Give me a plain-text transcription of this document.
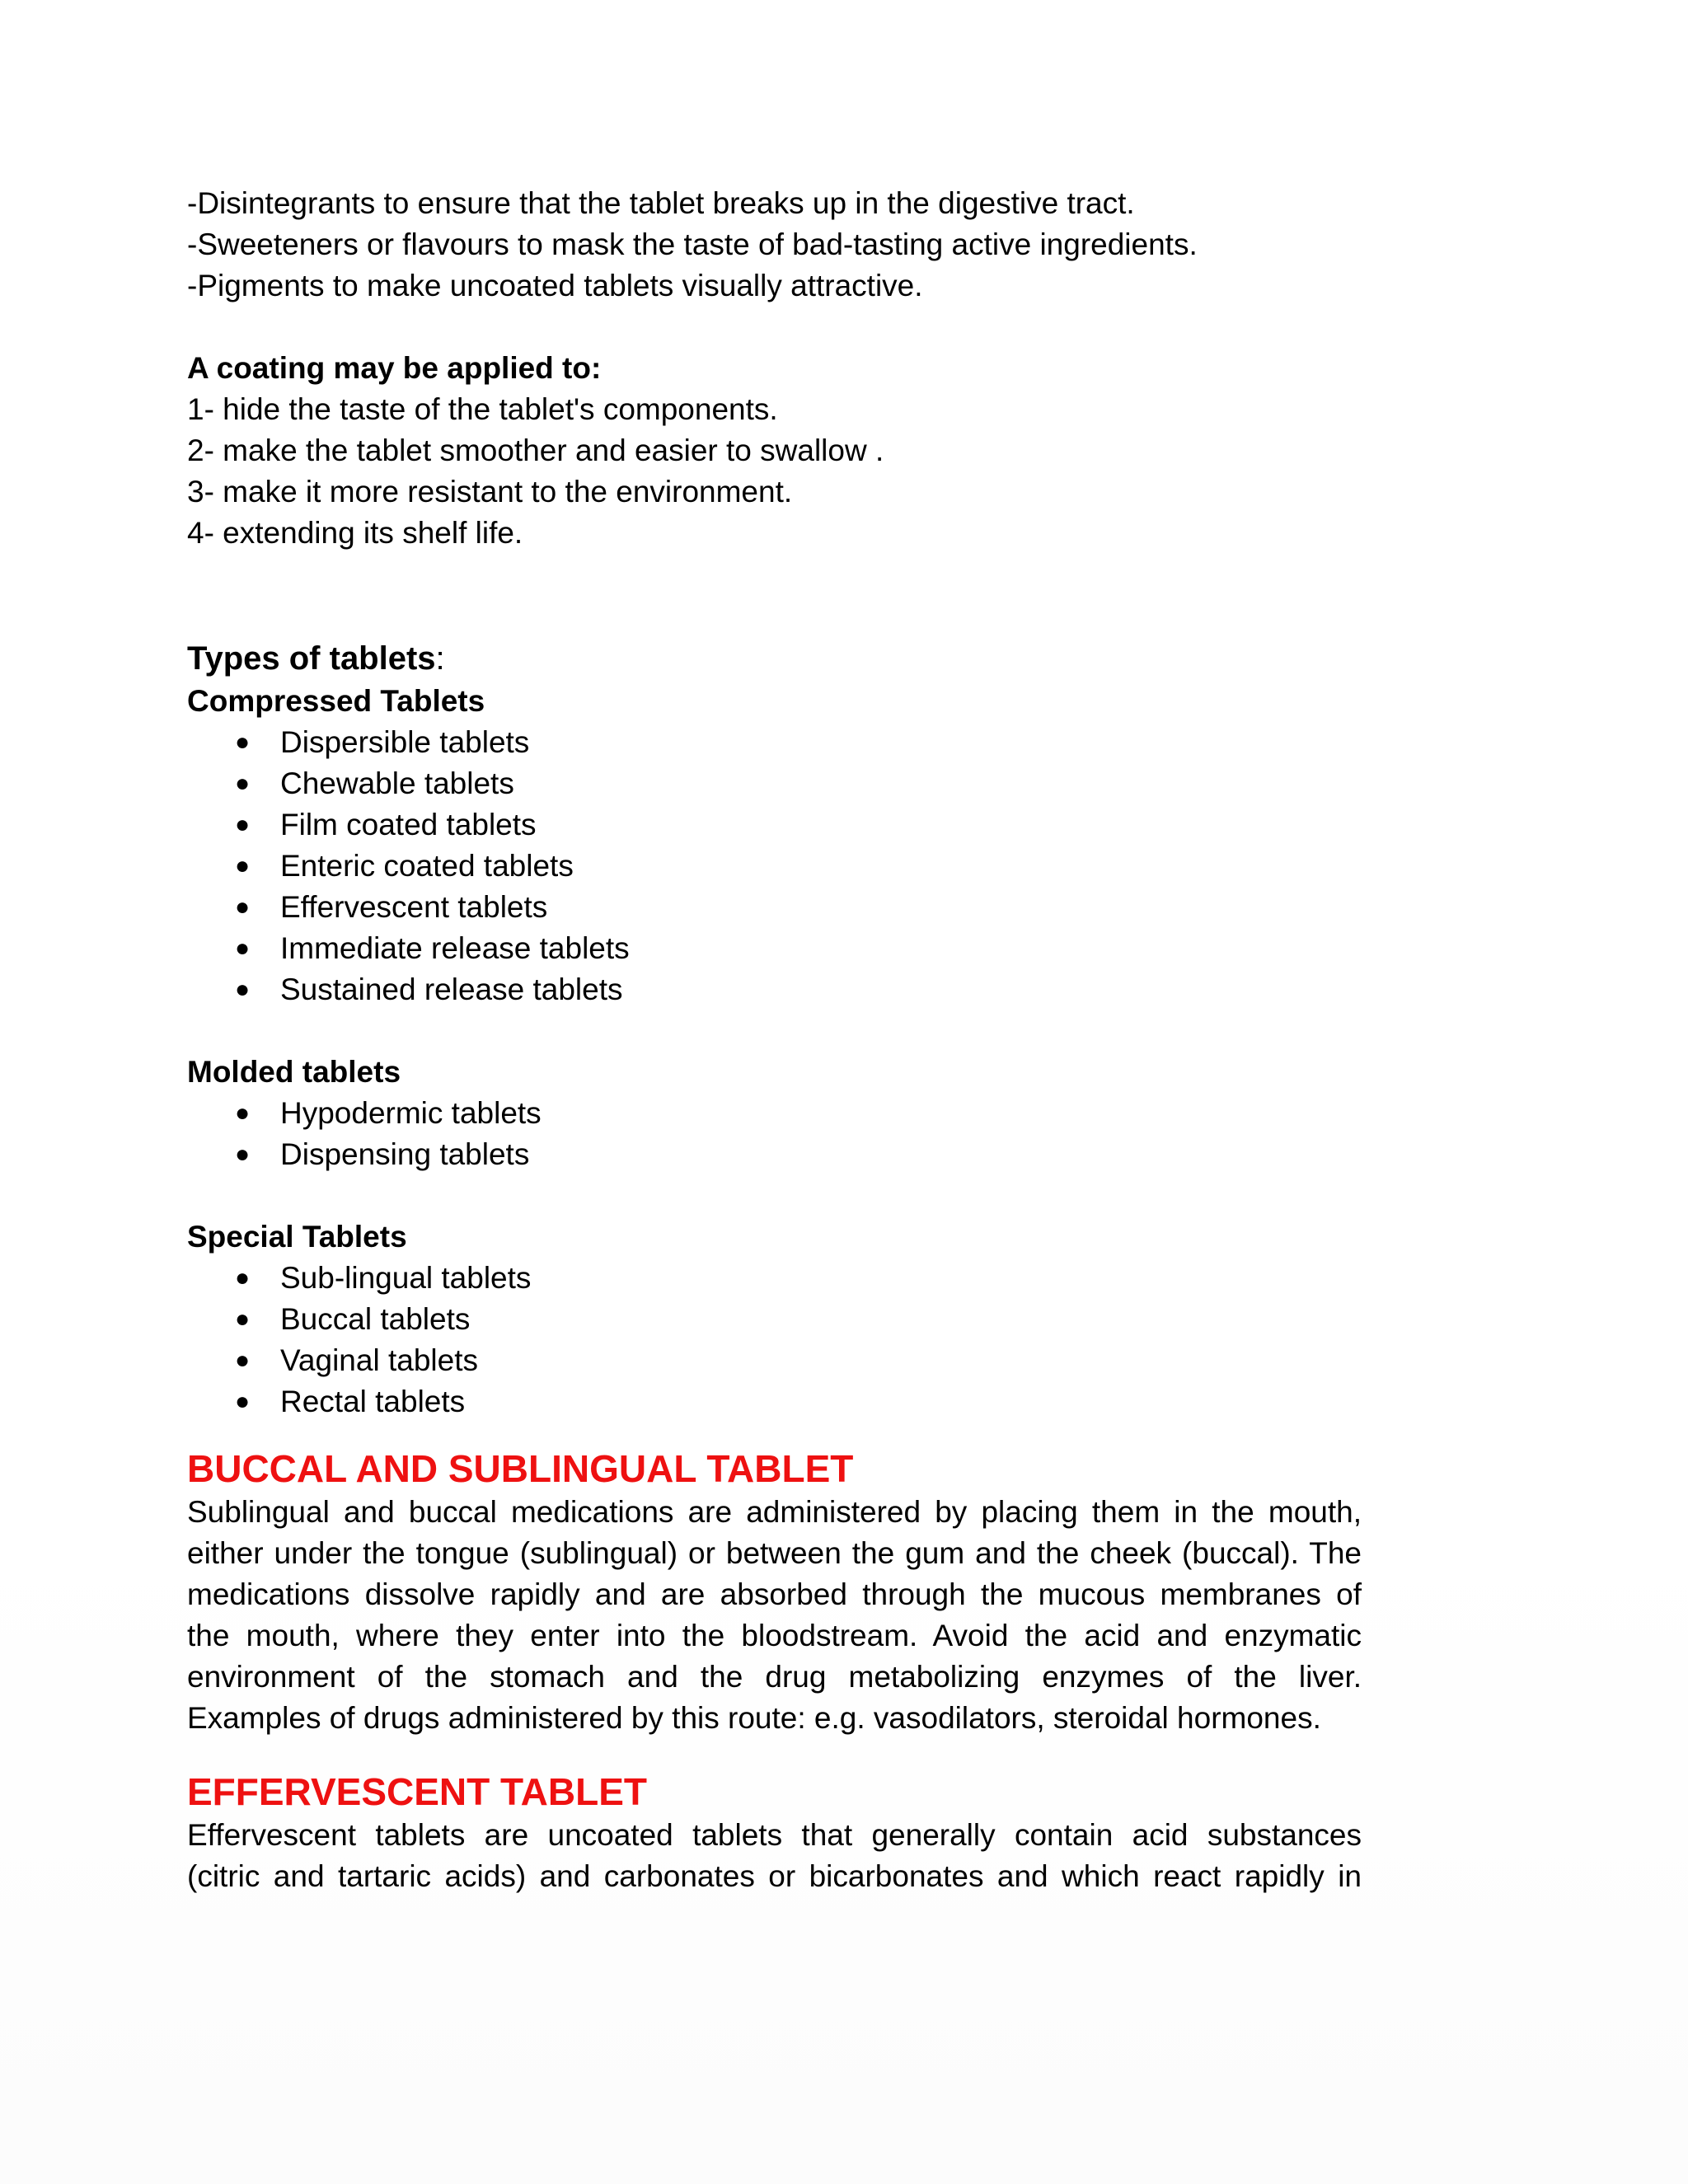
-Disintegrants to ensure that the tablet breaks up in the digestive tract.

-Sweeteners or flavours to mask the taste of bad-tasting active ingredients.

-Pigments to make uncoated tablets visually attractive.

A coating may be applied to:

1- hide the taste of the tablet's components.

2- make the tablet smoother and easier to swallow .

3- make it more resistant to the environment.

4- extending its shelf life.

Types of tablets:

Compressed Tablets

● Dispersible tablets
● Chewable tablets
● Film coated tablets
● Enteric coated tablets
● Effervescent tablets
● Immediate release tablets
● Sustained release tablets

Molded tablets

● Hypodermic tablets
● Dispensing tablets

Special Tablets

● Sub-lingual tablets
● Buccal tablets
● Vaginal tablets
● Rectal tablets
BUCCAL AND SUBLINGUAL TABLET
Sublingual and buccal medications are administered by placing them in the mouth,
either under the tongue (sublingual) or between the gum and the cheek (buccal). The
medications dissolve rapidly and are absorbed through the mucous membranes of
the mouth, where they enter into the bloodstream. Avoid the acid and enzymatic
environment of the stomach and the drug metabolizing enzymes of the liver.
Examples of drugs administered by this route: e.g. vasodilators, steroidal hormones.
EFFERVESCENT TABLET
Effervescent tablets are uncoated tablets that generally contain acid substances
(citric and tartaric acids) and carbonates or bicarbonates and which react rapidly in
